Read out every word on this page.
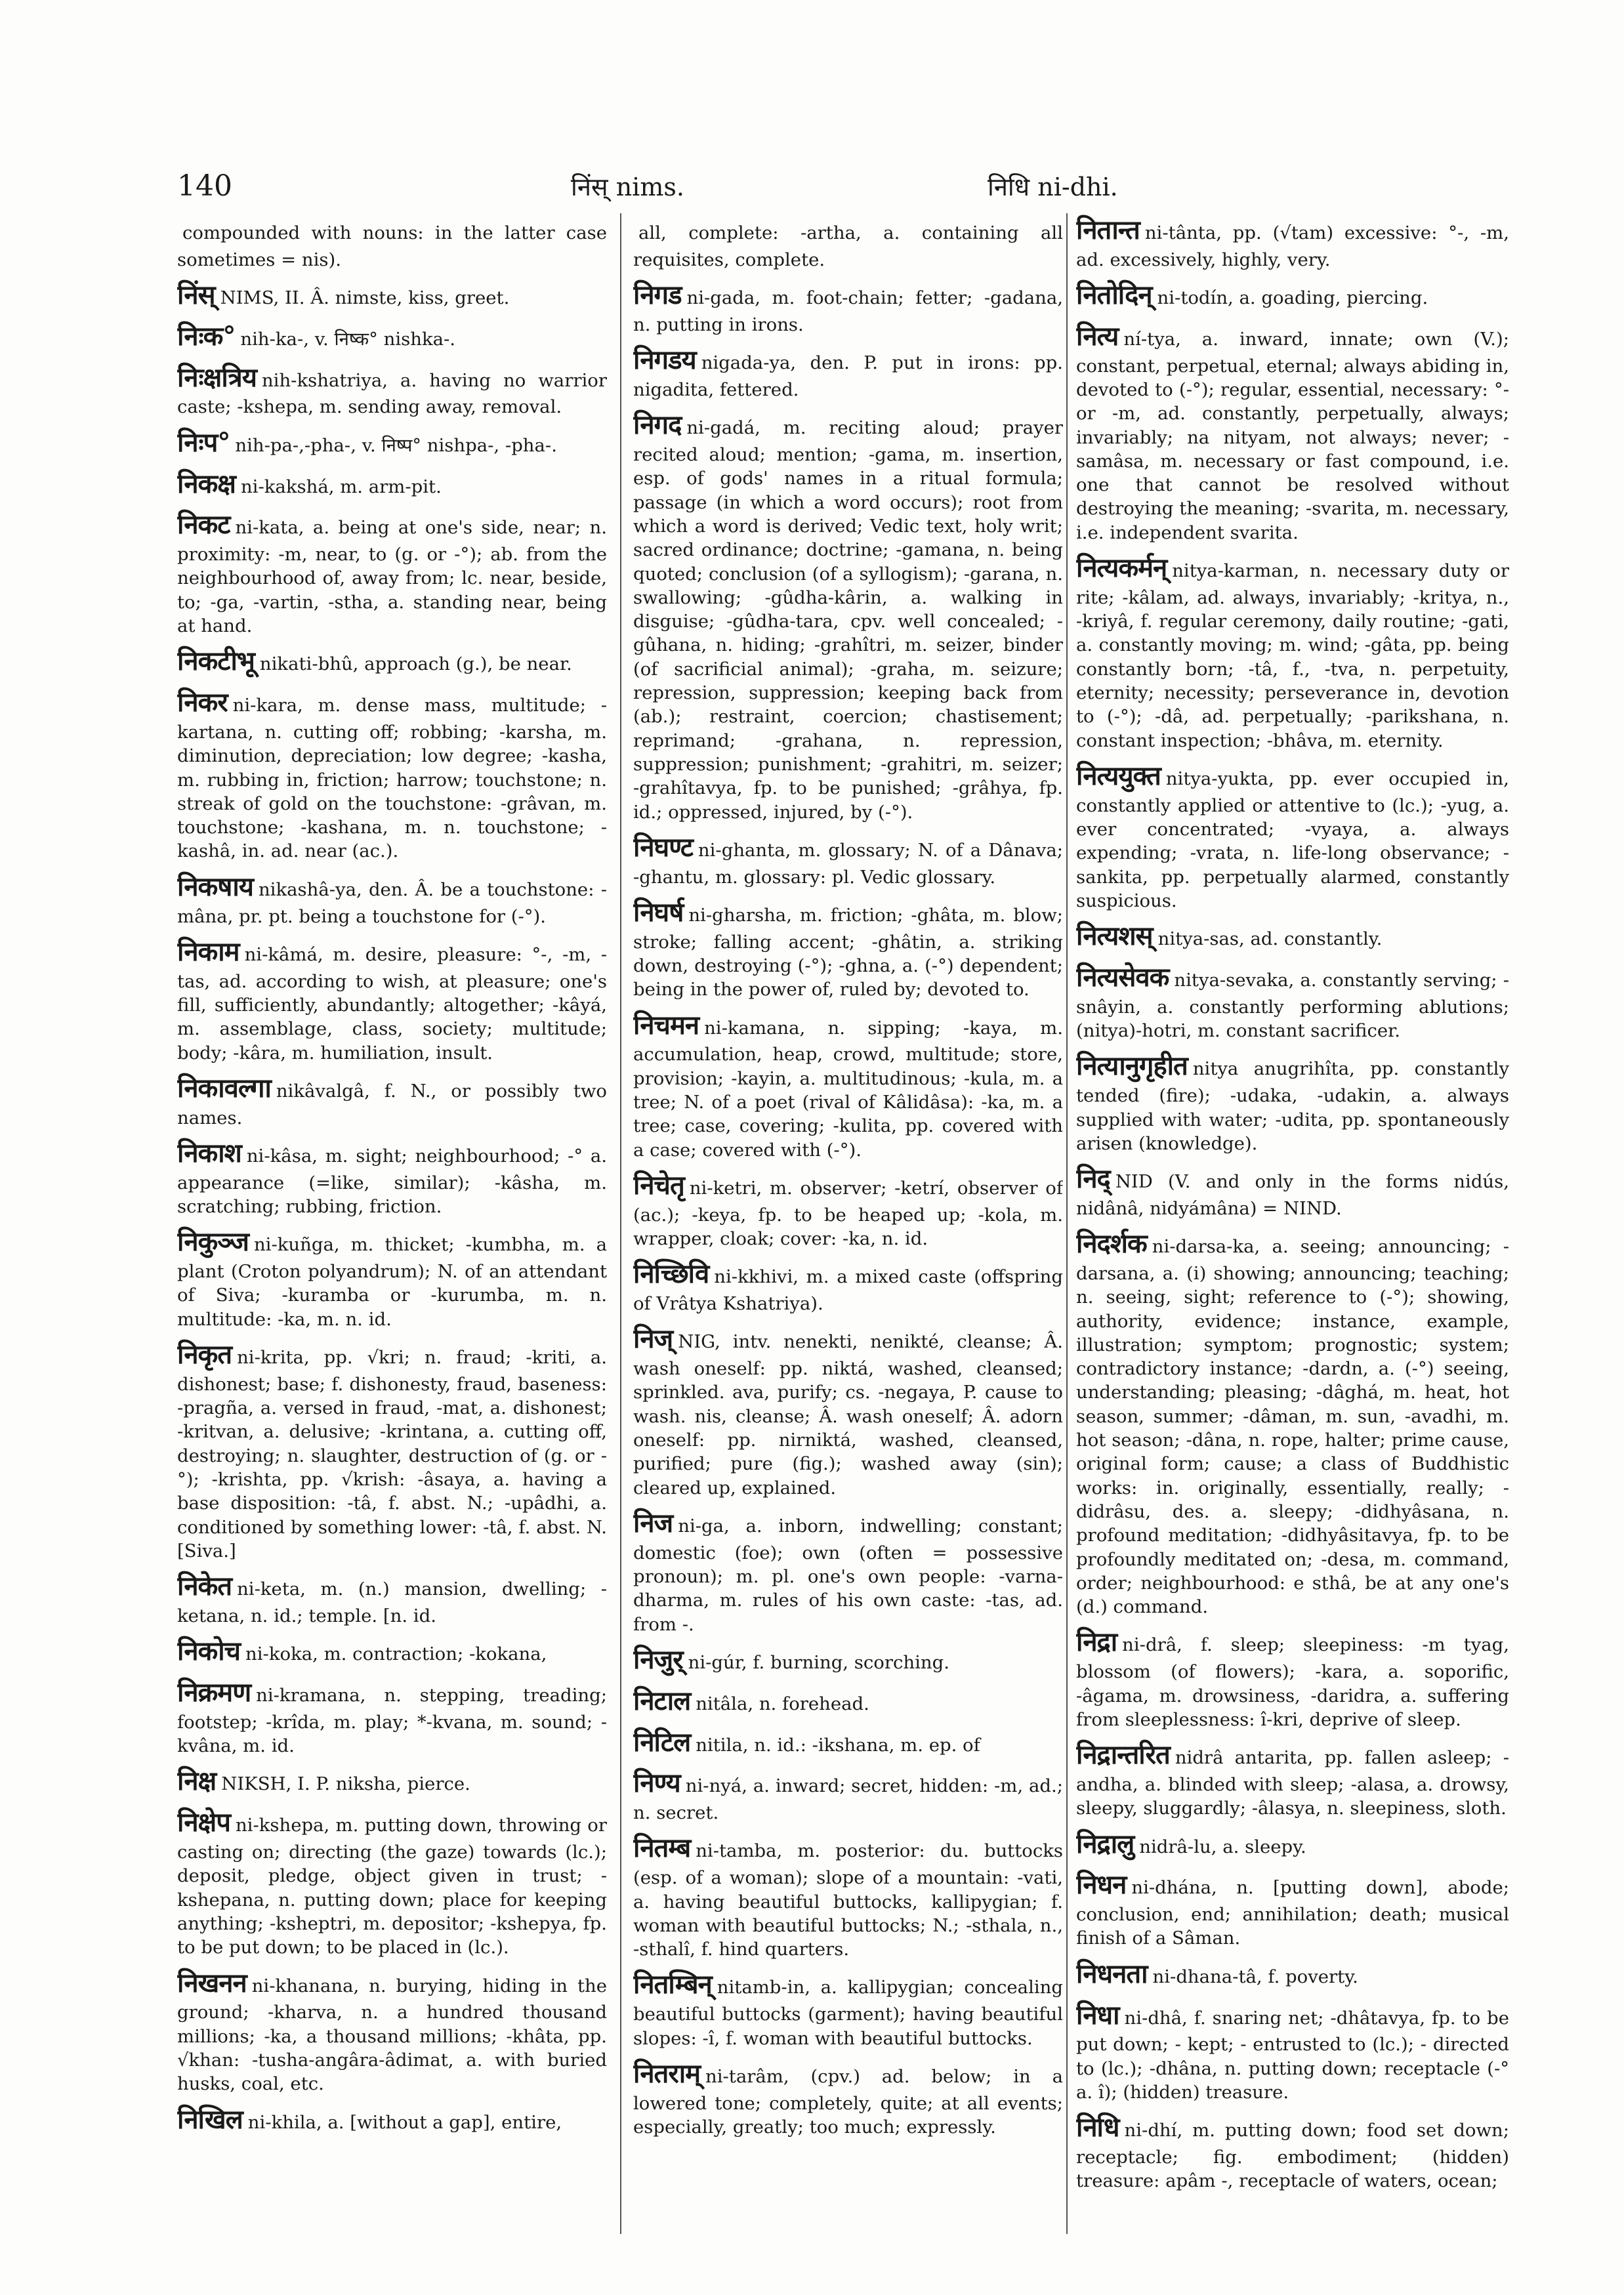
140	निंस् nims.	निधि ni-dhi.

compounded with nouns: in the latter case sometimes = nis).

निंस् NIMS, II. Â. nimste, kiss, greet.

निःक° nih-ka-, v. निष्क° nishka-.

निःक्षत्रिय nih-kshatriya, a. having no warrior caste; -kshepa, m. sending away, removal.

निःप° nih-pa-,-pha-, v. निष्प° nishpa-, -pha-.

निकक्ष ni-kakshá, m. arm-pit.

निकट ni-kata, a. being at one's side, near; n. proximity: -m, near, to (g. or -°); ab. from the neighbourhood of, away from; lc. near, beside, to; -ga, -vartin, -stha, a. standing near, being at hand.

निकटीभू nikati-bhû, approach (g.), be near.

निकर ni-kara, m. dense mass, multitude; -kartana, n. cutting off; robbing; -karsha, m. diminution, depreciation; low degree; -kasha, m. rubbing in, friction; harrow; touchstone; n. streak of gold on the touchstone: -grâvan, m. touchstone; -kashana, m. n. touchstone; -kashâ, in. ad. near (ac.).

निकषाय nikashâ-ya, den. Â. be a touchstone: -mâna, pr. pt. being a touchstone for (-°).

निकाम ni-kâmá, m. desire, pleasure: °-, -m, -tas, ad. according to wish, at pleasure; one's fill, sufficiently, abundantly; altogether; -kâyá, m. assemblage, class, society; multitude; body; -kâra, m. humiliation, insult.

निकावल्गा nikâvalgâ, f. N., or possibly two names.

निकाश ni-kâsa, m. sight; neighbourhood; -° a. appearance (=like, similar); -kâsha, m. scratching; rubbing, friction.

निकुञ्ज ni-kuñga, m. thicket; -kumbha, m. a plant (Croton polyandrum); N. of an attendant of Siva; -kuramba or -kurumba, m. n. multitude: -ka, m. n. id.

निकृत ni-krita, pp. √kri; n. fraud; -kriti, a. dishonest; base; f. dishonesty, fraud, baseness: -pragña, a. versed in fraud, -mat, a. dishonest; -kritvan, a. delusive; -krintana, a. cutting off, destroying; n. slaughter, destruction of (g. or -°); -krishta, pp. √krish: -âsaya, a. having a base disposition: -tâ, f. abst. N.; -upâdhi, a. conditioned by something lower: -tâ, f. abst. N. [Siva.]

निकेत ni-keta, m. (n.) mansion, dwelling; -ketana, n. id.; temple. [n. id.

निकोच ni-koka, m. contraction; -kokana,

निक्रमण ni-kramana, n. stepping, treading; footstep; -krîda, m. play; *-kvana, m. sound; -kvâna, m. id.

निक्ष NIKSH, I. P. niksha, pierce.

निक्षेप ni-kshepa, m. putting down, throwing or casting on; directing (the gaze) towards (lc.); deposit, pledge, object given in trust; -kshepana, n. putting down; place for keeping anything; -ksheptri, m. depositor; -kshepya, fp. to be put down; to be placed in (lc.).

निखनन ni-khanana, n. burying, hiding in the ground; -kharva, n. a hundred thousand millions; -ka, a thousand millions; -khâta, pp. √khan: -tusha-angâra-âdimat, a. with buried husks, coal, etc.

निखिल ni-khila, a. [without a gap], entire,

all, complete: -artha, a. containing all requisites, complete.

निगड ni-gada, m. foot-chain; fetter; -gadana, n. putting in irons.

निगडय nigada-ya, den. P. put in irons: pp. nigadita, fettered.

निगद ni-gadá, m. reciting aloud; prayer recited aloud; mention; -gama, m. insertion, esp. of gods' names in a ritual formula; passage (in which a word occurs); root from which a word is derived; Vedic text, holy writ; sacred ordinance; doctrine; -gamana, n. being quoted; conclusion (of a syllogism); -garana, n. swallowing; -gûdha-kârin, a. walking in disguise; -gûdha-tara, cpv. well concealed; -gûhana, n. hiding; -grahîtri, m. seizer, binder (of sacrificial animal); -graha, m. seizure; repression, suppression; keeping back from (ab.); restraint, coercion; chastisement; reprimand; -grahana, n. repression, suppression; punishment; -grahitri, m. seizer; -grahîtavya, fp. to be punished; -grâhya, fp. id.; oppressed, injured, by (-°).

निघण्ट ni-ghanta, m. glossary; N. of a Dânava; -ghantu, m. glossary: pl. Vedic glossary.

निघर्ष ni-gharsha, m. friction; -ghâta, m. blow; stroke; falling accent; -ghâtin, a. striking down, destroying (-°); -ghna, a. (-°) dependent; being in the power of, ruled by; devoted to.

निचमन ni-kamana, n. sipping; -kaya, m. accumulation, heap, crowd, multitude; store, provision; -kayin, a. multitudinous; -kula, m. a tree; N. of a poet (rival of Kâlidâsa): -ka, m. a tree; case, covering; -kulita, pp. covered with a case; covered with (-°).

निचेतृ ni-ketri, m. observer; -ketrí, observer of (ac.); -keya, fp. to be heaped up; -kola, m. wrapper, cloak; cover: -ka, n. id.

निच्छिवि ni-kkhivi, m. a mixed caste (offspring of Vrâtya Kshatriya).

निज् NIG, intv. nenekti, nenikté, cleanse; Â. wash oneself: pp. niktá, washed, cleansed; sprinkled. ava, purify; cs. -negaya, P. cause to wash. nis, cleanse; Â. wash oneself; Â. adorn oneself: pp. nirniktá, washed, cleansed, purified; pure (fig.); washed away (sin); cleared up, explained.

निज ni-ga, a. inborn, indwelling; constant; domestic (foe); own (often = possessive pronoun); m. pl. one's own people: -varna-dharma, m. rules of his own caste: -tas, ad. from -.

निजुर् ni-gúr, f. burning, scorching.

निटाल nitâla, n. forehead.

निटिल nitila, n. id.: -ikshana, m. ep. of

निण्य ni-nyá, a. inward; secret, hidden: -m, ad.; n. secret.

नितम्ब ni-tamba, m. posterior: du. buttocks (esp. of a woman); slope of a mountain: -vati, a. having beautiful buttocks, kallipygian; f. woman with beautiful buttocks; N.; -sthala, n., -sthalî, f. hind quarters.

नितम्बिन् nitamb-in, a. kallipygian; concealing beautiful buttocks (garment); having beautiful slopes: -î, f. woman with beautiful buttocks.

नितराम् ni-tarâm, (cpv.) ad. below; in a lowered tone; completely, quite; at all events; especially, greatly; too much; expressly.

नितान्त ni-tânta, pp. (√tam) excessive: °-, -m, ad. excessively, highly, very.

नितोदिन् ni-todín, a. goading, piercing.

नित्य ní-tya, a. inward, innate; own (V.); constant, perpetual, eternal; always abiding in, devoted to (-°); regular, essential, necessary: °- or -m, ad. constantly, perpetually, always; invariably; na nityam, not always; never; -samâsa, m. necessary or fast compound, i.e. one that cannot be resolved without destroying the meaning; -svarita, m. necessary, i.e. independent svarita.

नित्यकर्मन् nitya-karman, n. necessary duty or rite; -kâlam, ad. always, invariably; -kritya, n., -kriyâ, f. regular ceremony, daily routine; -gati, a. constantly moving; m. wind; -gâta, pp. being constantly born; -tâ, f., -tva, n. perpetuity, eternity; necessity; perseverance in, devotion to (-°); -dâ, ad. perpetually; -parikshana, n. constant inspection; -bhâva, m. eternity.

नित्ययुक्त nitya-yukta, pp. ever occupied in, constantly applied or attentive to (lc.); -yug, a. ever concentrated; -vyaya, a. always expending; -vrata, n. life-long observance; -sankita, pp. perpetually alarmed, constantly suspicious.

नित्यशस् nitya-sas, ad. constantly.

नित्यसेवक nitya-sevaka, a. constantly serving; -snâyin, a. constantly performing ablutions; (nitya)-hotri, m. constant sacrificer.

नित्यानुगृहीत nitya anugrihîta, pp. constantly tended (fire); -udaka, -udakin, a. always supplied with water; -udita, pp. spontaneously arisen (knowledge).

निद् NID (V. and only in the forms nidús, nidânâ, nidyámâna) = NIND.

निदर्शक ni-darsa-ka, a. seeing; announcing; -darsana, a. (i) showing; announcing; teaching; n. seeing, sight; reference to (-°); showing, authority, evidence; instance, example, illustration; symptom; prognostic; system; contradictory instance; -dardn, a. (-°) seeing, understanding; pleasing; -dâghá, m. heat, hot season, summer; -dâman, m. sun, -avadhi, m. hot season; -dâna, n. rope, halter; prime cause, original form; cause; a class of Buddhistic works: in. originally, essentially, really; -didrâsu, des. a. sleepy; -didhyâsana, n. profound meditation; -didhyâsitavya, fp. to be profoundly meditated on; -desa, m. command, order; neighbourhood: e sthâ, be at any one's (d.) command.

निद्रा ni-drâ, f. sleep; sleepiness: -m tyag, blossom (of flowers); -kara, a. soporific, -âgama, m. drowsiness, -daridra, a. suffering from sleeplessness: î-kri, deprive of sleep.

निद्रान्तरित nidrâ antarita, pp. fallen asleep; -andha, a. blinded with sleep; -alasa, a. drowsy, sleepy, sluggardly; -âlasya, n. sleepiness, sloth.

निद्रालु nidrâ-lu, a. sleepy.

निधन ni-dhána, n. [putting down], abode; conclusion, end; annihilation; death; musical finish of a Sâman.

निधनता ni-dhana-tâ, f. poverty.

निधा ni-dhâ, f. snaring net; -dhâtavya, fp. to be put down; - kept; - entrusted to (lc.); - directed to (lc.); -dhâna, n. putting down; receptacle (-° a. î); (hidden) treasure.

निधि ni-dhí, m. putting down; food set down; receptacle; fig. embodiment; (hidden) treasure: apâm -, receptacle of waters, ocean;
